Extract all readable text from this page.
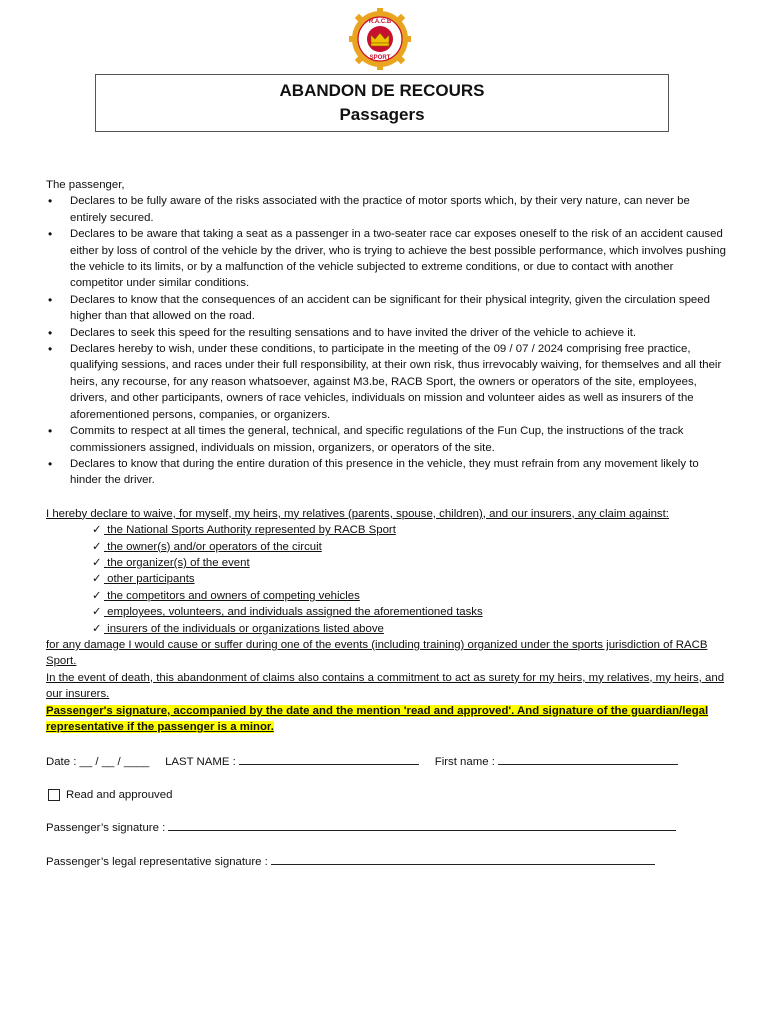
R.A.C.B
SPORT
ABANDON DE RECOURS
Passagers

The passenger,

• Declares to be fully aware of the risks associated with the practice of motor sports which, by their very nature, can never be entirely secured.
• Declares to be aware that taking a seat as a passenger in a two-seater race car exposes oneself to the risk of an accident caused either by loss of control of the vehicle by the driver, who is trying to achieve the best possible performance, which involves pushing the vehicle to its limits, or by a malfunction of the vehicle subjected to extreme conditions, or due to contact with another competitor under similar conditions.
• Declares to know that the consequences of an accident can be significant for their physical integrity, given the circulation speed higher than that allowed on the road.
• Declares to seek this speed for the resulting sensations and to have invited the driver of the vehicle to achieve it.
• Declares hereby to wish, under these conditions, to participate in the meeting of the 09 / 07 / 2024 comprising free practice, qualifying sessions, and races under their full responsibility, at their own risk, thus irrevocably waiving, for themselves and all their heirs, any recourse, for any reason whatsoever, against M3.be, RACB Sport, the owners or operators of the site, employees, drivers, and other participants, owners of race vehicles, individuals on mission and volunteer aides as well as insurers of the aforementioned persons, companies, or organizers.
• Commits to respect at all times the general, technical, and specific regulations of the Fun Cup, the instructions of the track commissioners assigned, individuals on mission, organizers, or operators of the site.
• Declares to know that during the entire duration of this presence in the vehicle, they must refrain from any movement likely to hinder the driver.

I hereby declare to waive, for myself, my heirs, my relatives (parents, spouse, children), and our insurers, any claim against:

✓ the National Sports Authority represented by RACB Sport
✓ the owner(s) and/or operators of the circuit
✓ the organizer(s) of the event
✓ other participants
✓ the competitors and owners of competing vehicles
✓ employees, volunteers, and individuals assigned the aforementioned tasks
✓ insurers of the individuals or organizations listed above

for any damage I would cause or suffer during one of the events (including training) organized under the sports jurisdiction of RACB Sport.

In the event of death, this abandonment of claims also contains a commitment to act as surety for my heirs, my relatives, my heirs, and our insurers.

Passenger's signature, accompanied by the date and the mention 'read and approved'. And signature of the guardian/legal representative if the passenger is a minor.

Date : __ / __ / ____ LAST NAME :	First name :
Read and approuved
Passenger’s signature :
Passenger’s legal representative signature :
